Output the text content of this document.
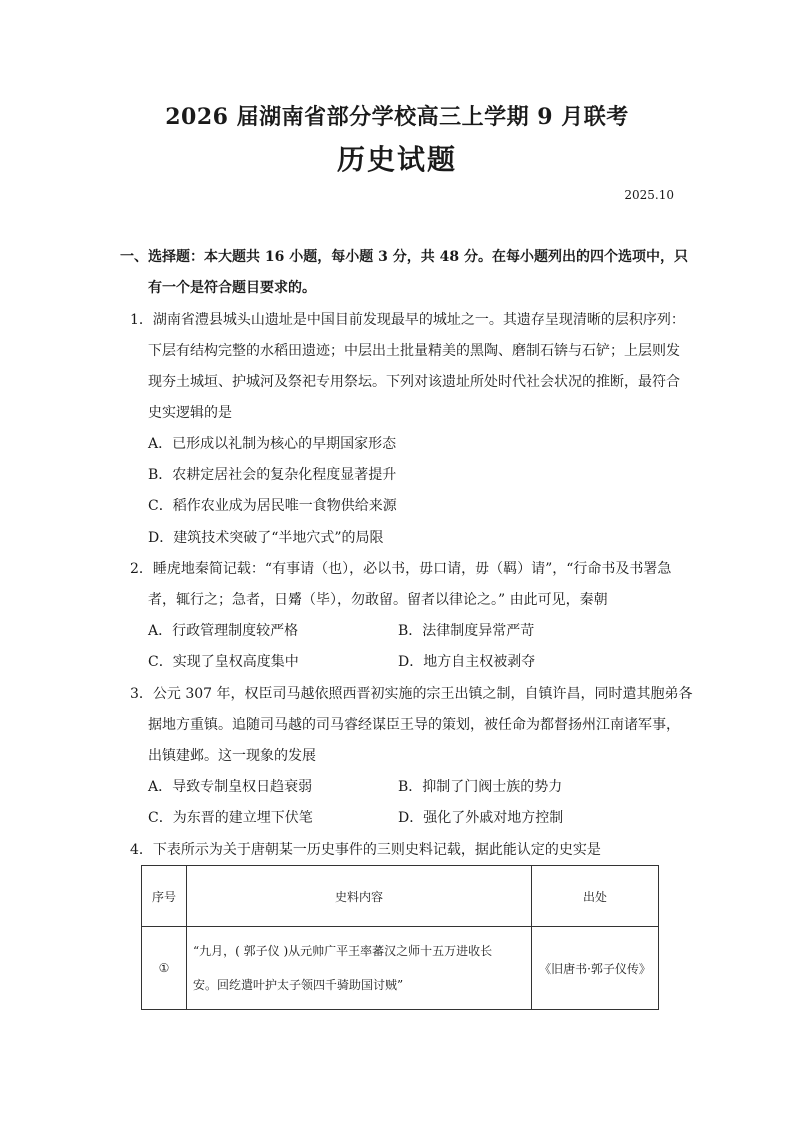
2026 届湖南省部分学校高三上学期 9 月联考
历史试题
2025.10
一、选择题：本大题共 16 小题，每小题 3 分，共 48 分。在每小题列出的四个选项中，只
有一个是符合题目要求的。
1．湖南省澧县城头山遗址是中国目前发现最早的城址之一。其遗存呈现清晰的层积序列：
下层有结构完整的水稻田遗迹；中层出土批量精美的黑陶、磨制石锛与石铲；上层则发
现夯土城垣、护城河及祭祀专用祭坛。下列对该遗址所处时代社会状况的推断，最符合
史实逻辑的是
A．已形成以礼制为核心的早期国家形态
B．农耕定居社会的复杂化程度显著提升
C．稻作农业成为居民唯一食物供给来源
D．建筑技术突破了“半地穴式”的局限
2．睡虎地秦简记载：“有事请（也），必以书，毋口请，毋（羁）请”，“行命书及书署急
者，辄行之；急者，日觱（毕），勿敢留。留者以律论之。” 由此可见，秦朝
A．行政管理制度较严格	B．法律制度异常严苛
C．实现了皇权高度集中	D．地方自主权被剥夺
3．公元 307 年，权臣司马越依照西晋初实施的宗王出镇之制，自镇许昌，同时遣其胞弟各
据地方重镇。追随司马越的司马睿经谋臣王导的策划，被任命为都督扬州江南诸军事，
出镇建邺。这一现象的发展
A．导致专制皇权日趋衰弱	B．抑制了门阀士族的势力
C．为东晋的建立埋下伏笔	D．强化了外戚对地方控制
4．下表所示为关于唐朝某一历史事件的三则史料记载，据此能认定的史实是
序号	史料内容	出处
①	“九月，( 郭子仪 )从元帅广平王率蕃汉之师十五万进收长
安。回纥遣叶护太子领四千骑助国讨贼”	《旧唐书·郭子仪传》
